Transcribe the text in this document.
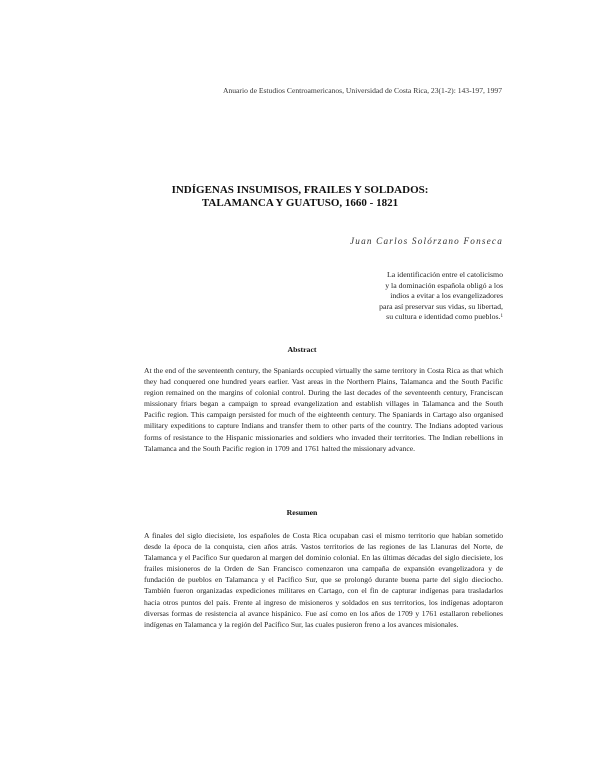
Anuario de Estudios Centroamericanos, Universidad de Costa Rica, 23(1-2): 143-197, 1997
INDÍGENAS INSUMISOS, FRAILES Y SOLDADOS:
TALAMANCA Y GUATUSO, 1660 - 1821
Juan Carlos Solórzano Fonseca
La identificación entre el catolicismo
y la dominación española obligó a los
indios a evitar a los evangelizadores
para así preservar sus vidas, su libertad,
su cultura e identidad como pueblos.$^1$
Abstract

At the end of the seventeenth century, the Spaniards occupied virtually the same territory in Costa Rica as that which they had conquered one hundred years earlier. Vast areas in the Northern Plains, Talamanca and the South Pacific region remained on the margins of colonial control. During the last decades of the seventeenth century, Franciscan missionary friars began a campaign to spread evangelization and establish villages in Talamanca and the South Pacific region. This campaign persisted for much of the eighteenth century. The Spaniards in Cartago also organised military expeditions to capture Indians and transfer them to other parts of the country. The Indians adopted various forms of resistance to the Hispanic missionaries and soldiers who invaded their territories. The Indian rebellions in Talamanca and the South Pacific region in 1709 and 1761 halted the missionary advance.

Resumen

A finales del siglo diecisiete, los españoles de Costa Rica ocupaban casi el mismo territorio que habían sometido desde la época de la conquista, cien años atrás. Vastos territorios de las regiones de las Llanuras del Norte, de Talamanca y el Pacífico Sur quedaron al margen del dominio colonial. En las últimas décadas del siglo diecisiete, los frailes misioneros de la Orden de San Francisco comenzaron una campaña de expansión evangelizadora y de fundación de pueblos en Talamanca y el Pacífico Sur, que se prolongó durante buena parte del siglo dieciocho. También fueron organizadas expediciones militares en Cartago, con el fin de capturar indígenas para trasladarlos hacia otros puntos del país. Frente al ingreso de misioneros y soldados en sus territorios, los indígenas adoptaron diversas formas de resistencia al avance hispánico. Fue así como en los años de 1709 y 1761 estallaron rebeliones indígenas en Talamanca y la región del Pacífico Sur, las cuales pusieron freno a los avances misionales.
